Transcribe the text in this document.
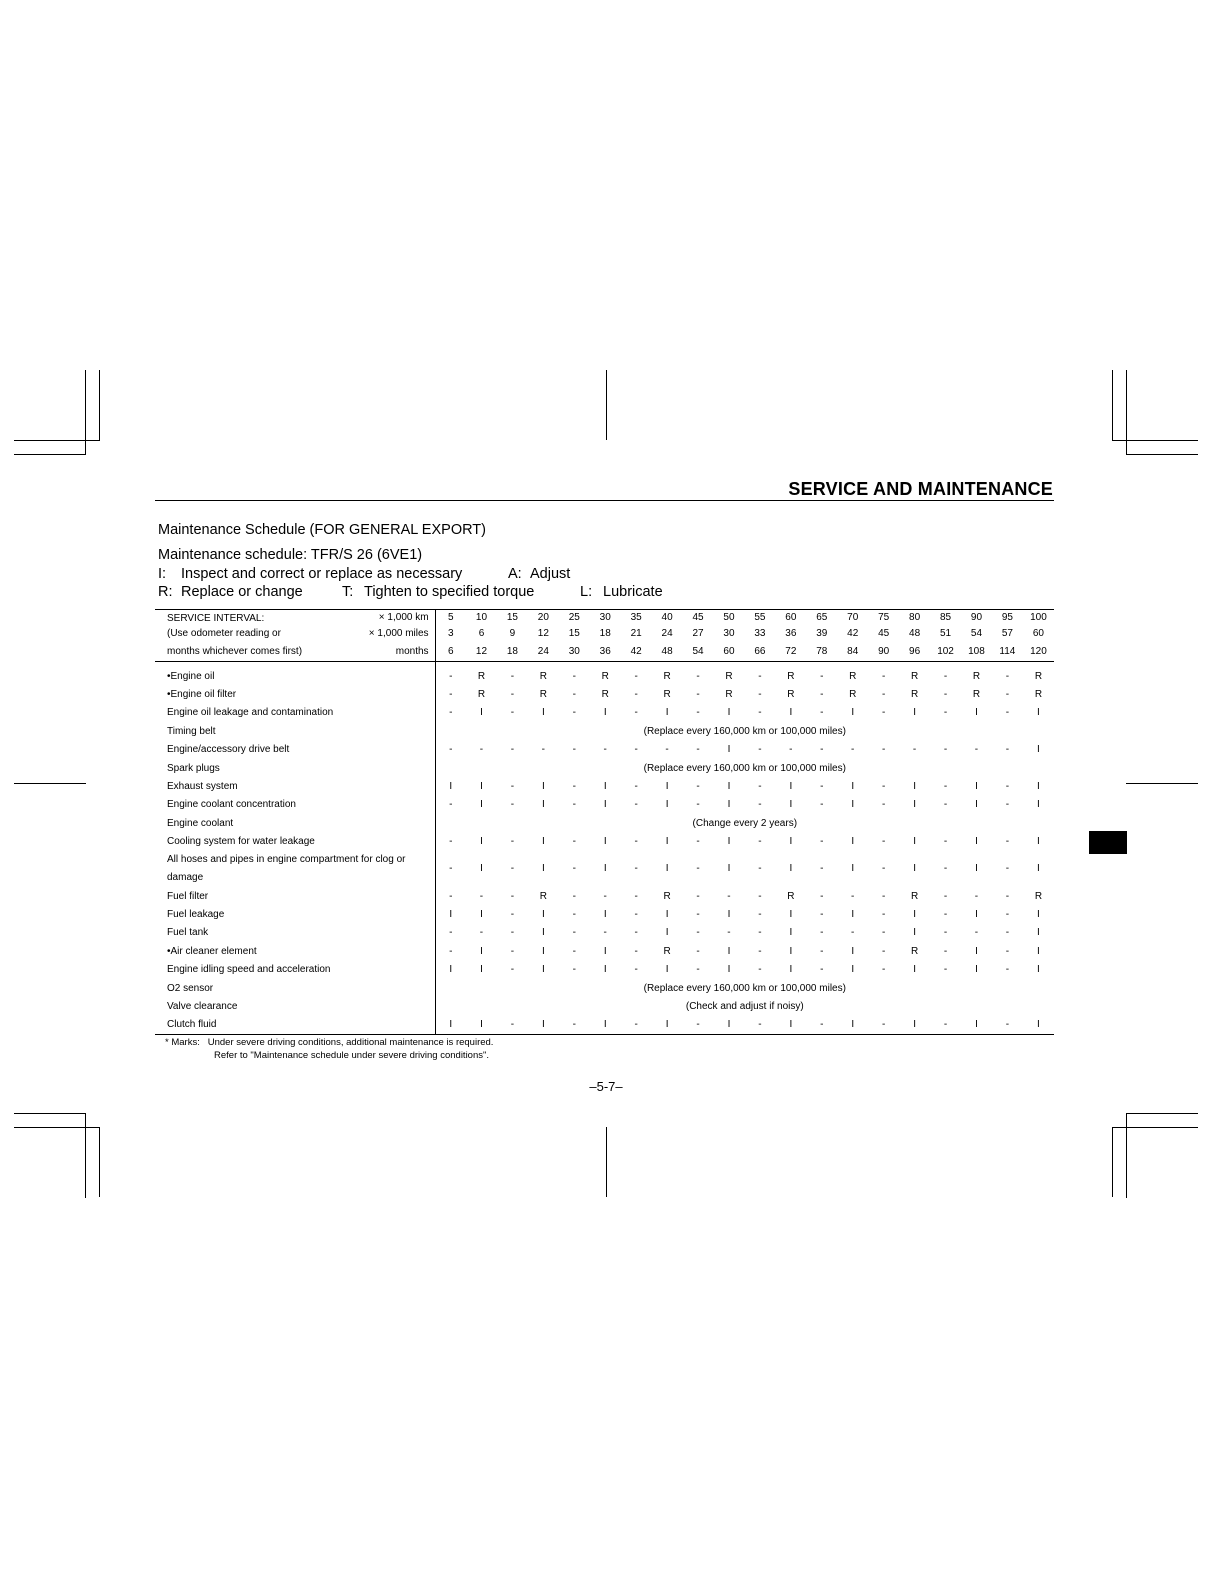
SERVICE AND MAINTENANCE
Maintenance Schedule (FOR GENERAL EXPORT)
Maintenance schedule: TFR/S 26 (6VE1)
I: Inspect and correct or replace as necessary	A: Adjust
R: Replace or change	T: Tighten to specified torque	L: Lubricate
SERVICE INTERVAL:	× 1,000 km	5	10	15	20	25	30	35	40	45	50	55	60	65	70	75	80	85	90	95	100
(Use odometer reading or	× 1,000 miles	3	6	9	12	15	18	21	24	27	30	33	36	39	42	45	48	51	54	57	60
months whichever comes first)	months	6	12	18	24	30	36	42	48	54	60	66	72	78	84	90	96	102	108	114	120

•Engine oil		-	R	-	R	-	R	-	R	-	R	-	R	-	R	-	R	-	R	-	R
•Engine oil filter		-	R	-	R	-	R	-	R	-	R	-	R	-	R	-	R	-	R	-	R
Engine oil leakage and contamination		-	I	-	I	-	I	-	I	-	I	-	I	-	I	-	I	-	I	-	I
Timing belt		(Replace every 160,000 km or 100,000 miles)																			
Engine/accessory drive belt		-	-	-	-	-	-	-	-	-	I	-	-	-	-	-	-	-	-	-	I
Spark plugs		(Replace every 160,000 km or 100,000 miles)																			
Exhaust system		I	I	-	I	-	I	-	I	-	I	-	I	-	I	-	I	-	I	-	I
Engine coolant concentration		-	I	-	I	-	I	-	I	-	I	-	I	-	I	-	I	-	I	-	I
Engine coolant		(Change every 2 years)																			
Cooling system for water leakage		-	I	-	I	-	I	-	I	-	I	-	I	-	I	-	I	-	I	-	I

All hoses and pipes in engine compartment for clog or
damage		-	I	-	I	-	I	-	I	-	I	-	I	-	I	-	I	-	I	-	I
Fuel filter		-	-	-	R	-	-	-	R	-	-	-	R	-	-	-	R	-	-	-	R
Fuel leakage		I	I	-	I	-	I	-	I	-	I	-	I	-	I	-	I	-	I	-	I
Fuel tank		-	-	-	I	-	-	-	I	-	-	-	I	-	-	-	I	-	-	-	I
•Air cleaner element		-	I	-	I	-	I	-	R	-	I	-	I	-	I	-	R	-	I	-	I
Engine idling speed and acceleration		I	I	-	I	-	I	-	I	-	I	-	I	-	I	-	I	-	I	-	I
O2 sensor		(Replace every 160,000 km or 100,000 miles)																			
Valve clearance		(Check and adjust if noisy)																			
Clutch fluid		I	I	-	I	-	I	-	I	-	I	-	I	-	I	-	I	-	I	-	I
* Marks:   Under severe driving conditions, additional maintenance is required.
Refer to "Maintenance schedule under severe driving conditions".
–5-7–
